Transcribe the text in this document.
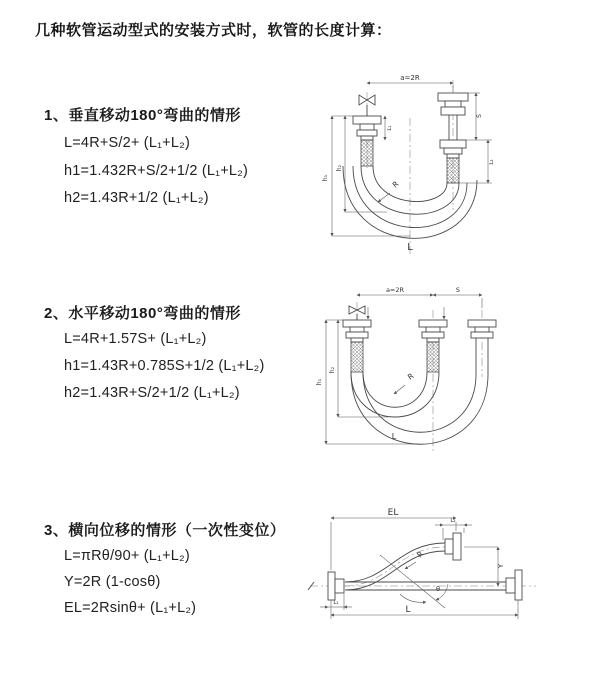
几种软管运动型式的安装方式时，软管的长度计算：
1、垂直移动180°弯曲的情形
L=4R+S/2+ (L₁+L₂)
h1=1.432R+S/2+1/2 (L₁+L₂)
h2=1.43R+1/2 (L₁+L₂)
a=2R
h₁
h₂
L₁
S
L₂
R
L
2、水平移动180°弯曲的情形
L=4R+1.57S+ (L₁+L₂)
h1=1.43R+0.785S+1/2 (L₁+L₂)
h2=1.43R+S/2+1/2 (L₁+L₂)
a=2R	S
h₁
h₂
R
L
3、横向位移的情形（一次性变位）
L=πRθ/90+ (L₁+L₂)
Y=2R (1-cosθ)
EL=2Rsinθ+ (L₁+L₂)
EL
L₂
Y
R
θ
L
L₁
